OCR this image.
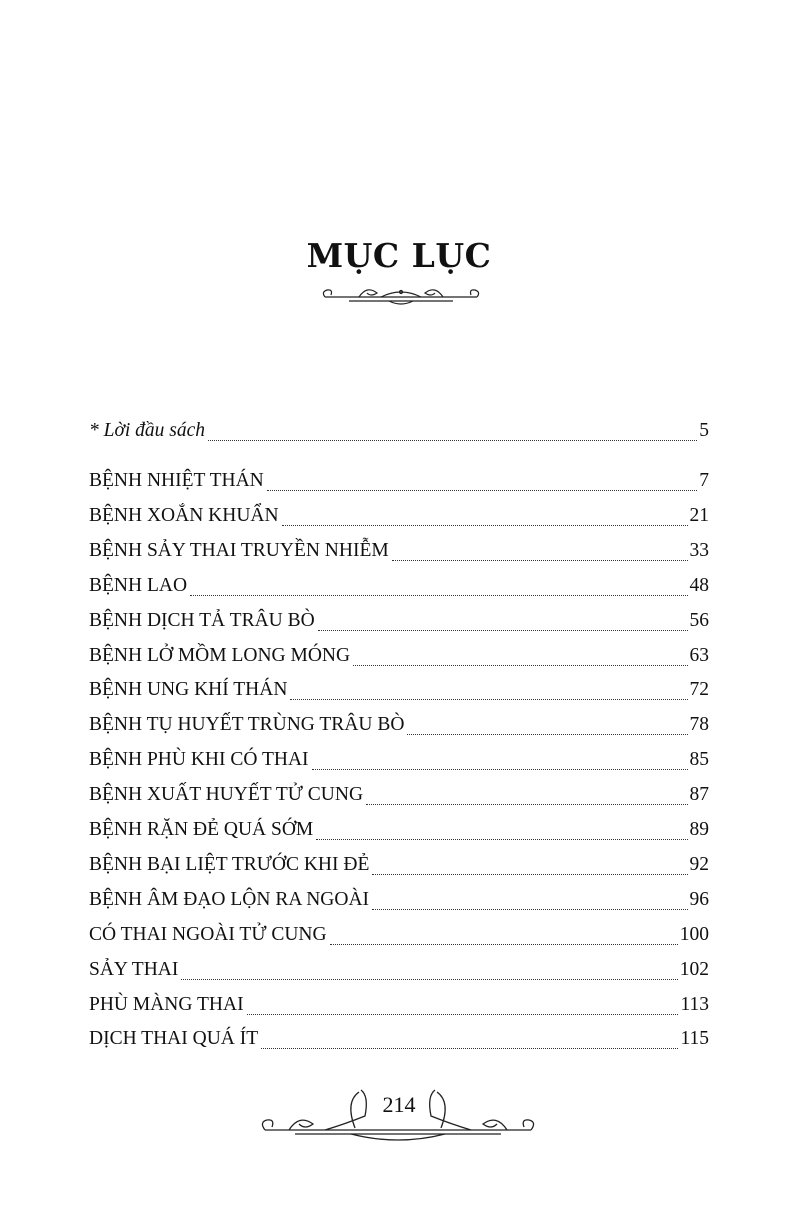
MỤC LỤC
* Lời đầu sách	5
BỆNH NHIỆT THÁN	7
BỆNH XOẮN KHUẨN	21
BỆNH SẢY THAI TRUYỀN NHIỄM	33
BỆNH LAO	48
BỆNH DỊCH TẢ TRÂU BÒ	56
BỆNH LỞ MỒM LONG MÓNG	63
BỆNH UNG KHÍ THÁN	72
BỆNH TỤ HUYẾT TRÙNG TRÂU BÒ	78
BỆNH PHÙ KHI CÓ THAI	85
BỆNH XUẤT HUYẾT TỬ CUNG	87
BỆNH RẶN ĐẺ QUÁ SỚM	89
BỆNH BẠI LIỆT TRƯỚC KHI ĐẺ	92
BỆNH ÂM ĐẠO LỘN RA NGOÀI	96
CÓ THAI NGOÀI TỬ CUNG	100
SẢY THAI	102
PHÙ MÀNG THAI	113
DỊCH THAI QUÁ ÍT	115
214
